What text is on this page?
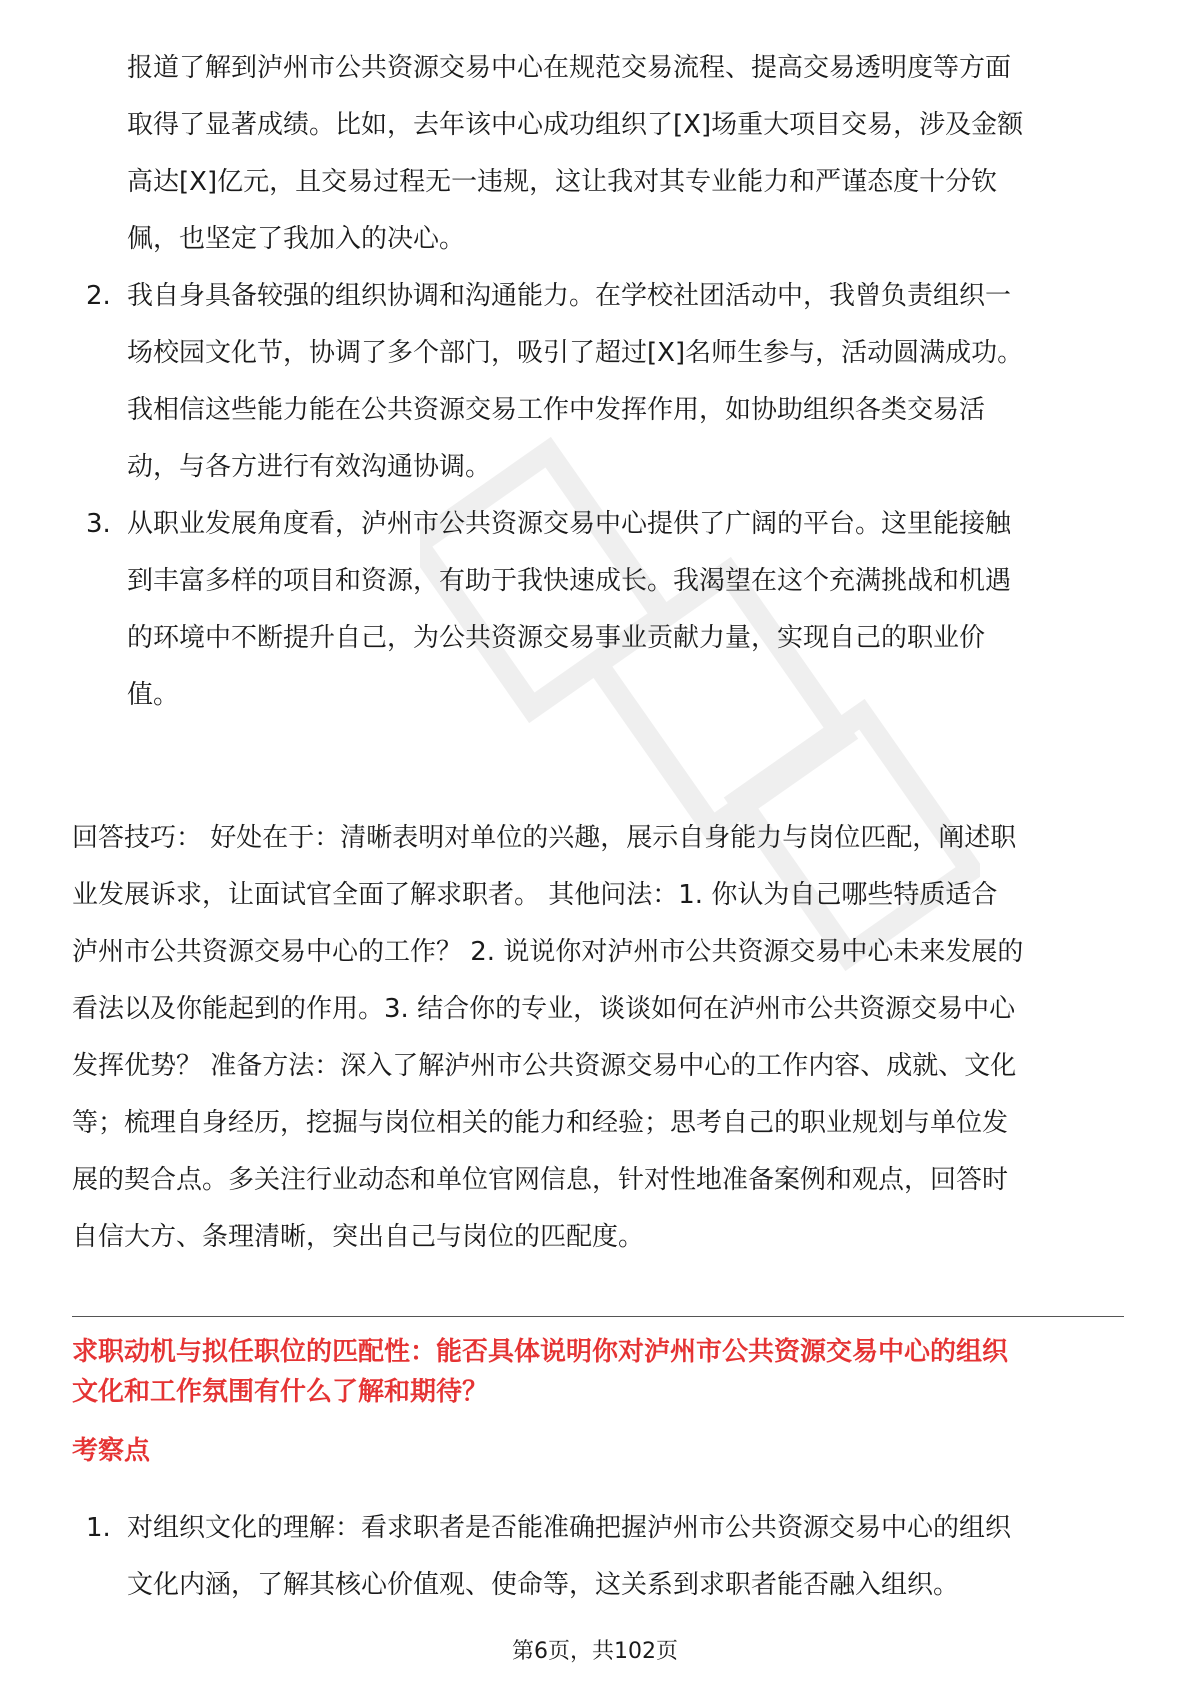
报道了解到泸州市公共资源交易中心在规范交易流程、提高交易透明度等方面
取得了显著成绩。比如，去年该中心成功组织了[X]场重大项目交易，涉及金额
高达[X]亿元，且交易过程无一违规，这让我对其专业能力和严谨态度十分钦
佩，也坚定了我加入的决心。
2. 我自身具备较强的组织协调和沟通能力。在学校社团活动中，我曾负责组织一
场校园文化节，协调了多个部门，吸引了超过[X]名师生参与，活动圆满成功。
我相信这些能力能在公共资源交易工作中发挥作用，如协助组织各类交易活
动，与各方进行有效沟通协调。
3. 从职业发展角度看，泸州市公共资源交易中心提供了广阔的平台。这里能接触
到丰富多样的项目和资源，有助于我快速成长。我渴望在这个充满挑战和机遇
的环境中不断提升自己，为公共资源交易事业贡献力量，实现自己的职业价
值。
回答技巧： 好处在于：清晰表明对单位的兴趣，展示自身能力与岗位匹配，阐述职
业发展诉求，让面试官全面了解求职者。 其他问法：1. 你认为自己哪些特质适合
泸州市公共资源交易中心的工作？ 2. 说说你对泸州市公共资源交易中心未来发展的
看法以及你能起到的作用。3. 结合你的专业，谈谈如何在泸州市公共资源交易中心
发挥优势？ 准备方法：深入了解泸州市公共资源交易中心的工作内容、成就、文化
等；梳理自身经历，挖掘与岗位相关的能力和经验；思考自己的职业规划与单位发
展的契合点。多关注行业动态和单位官网信息，针对性地准备案例和观点，回答时
自信大方、条理清晰，突出自己与岗位的匹配度。
求职动机与拟任职位的匹配性：能否具体说明你对泸州市公共资源交易中心的组织
文化和工作氛围有什么了解和期待？
考察点
1. 对组织文化的理解：看求职者是否能准确把握泸州市公共资源交易中心的组织
文化内涵，了解其核心价值观、使命等，这关系到求职者能否融入组织。
第6页，共102页
